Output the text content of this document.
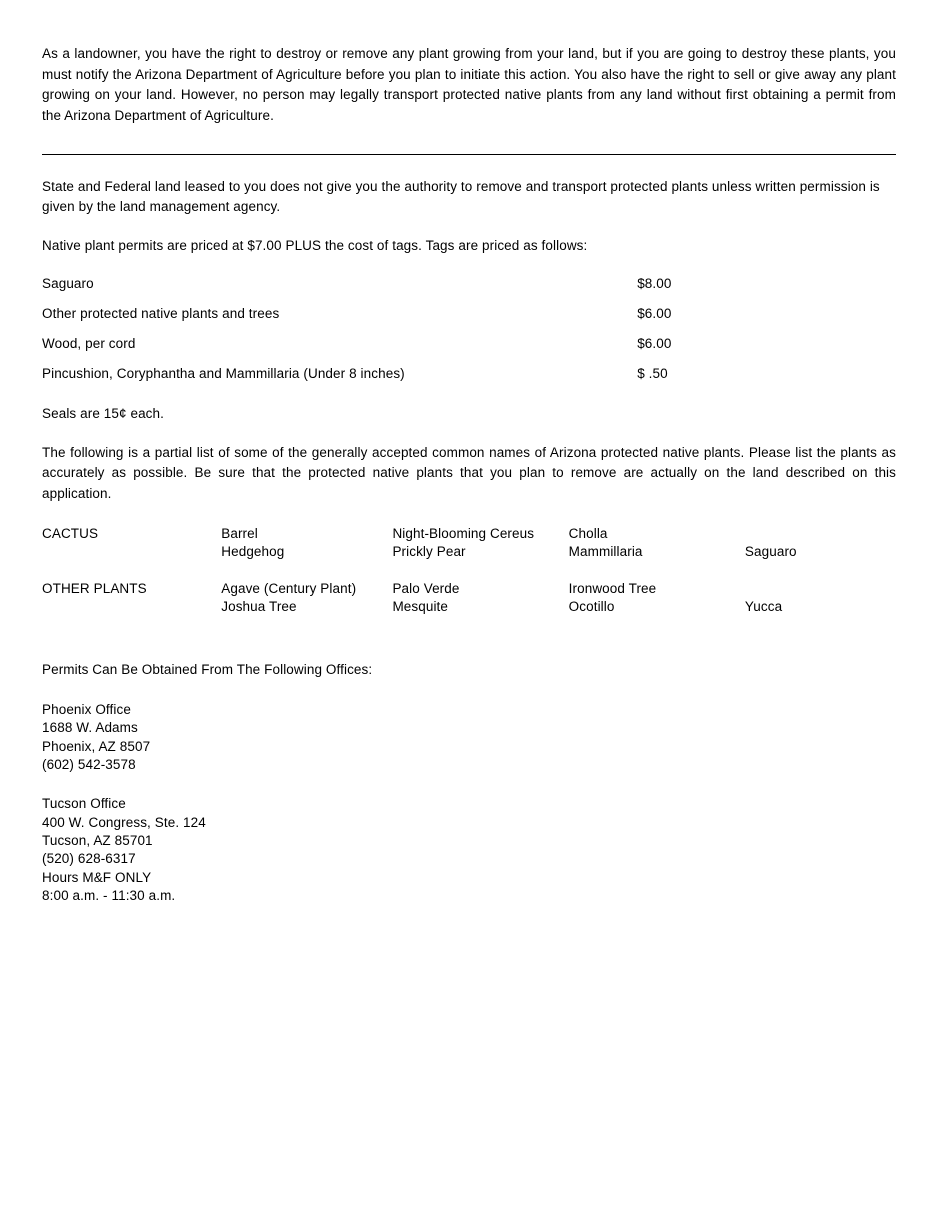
As a landowner, you have the right to destroy or remove any plant growing from your land, but if you are going to destroy these plants, you must notify the Arizona Department of Agriculture before you plan to initiate this action. You also have the right to sell or give away any plant growing on your land. However, no person may legally transport protected native plants from any land without first obtaining a permit from the Arizona Department of Agriculture.

State and Federal land leased to you does not give you the authority to remove and transport protected plants unless written permission is given by the land management agency.

Native plant permits are priced at $7.00 PLUS the cost of tags. Tags are priced as follows:

Saguaro	$8.00
Other protected native plants and trees	$6.00
Wood, per cord	$6.00
Pincushion, Coryphantha and Mammillaria (Under 8 inches)	$ .50

Seals are 15¢ each.

The following is a partial list of some of the generally accepted common names of Arizona protected native plants. Please list the plants as accurately as possible. Be sure that the protected native plants that you plan to remove are actually on the land described on this application.

CACTUS	Barrel	Night-Blooming Cereus	Cholla	
	Hedgehog	Prickly Pear	Mammillaria	Saguaro
OTHER PLANTS	Agave (Century Plant)	Palo Verde	Ironwood Tree	
	Joshua Tree	Mesquite	Ocotillo	Yucca

Permits Can Be Obtained From The Following Offices:

Phoenix Office
1688 W. Adams
Phoenix, AZ 8507
(602) 542-3578
Tucson Office
400 W. Congress, Ste. 124
Tucson, AZ 85701
(520) 628-6317
Hours M&F ONLY
8:00 a.m. - 11:30 a.m.
